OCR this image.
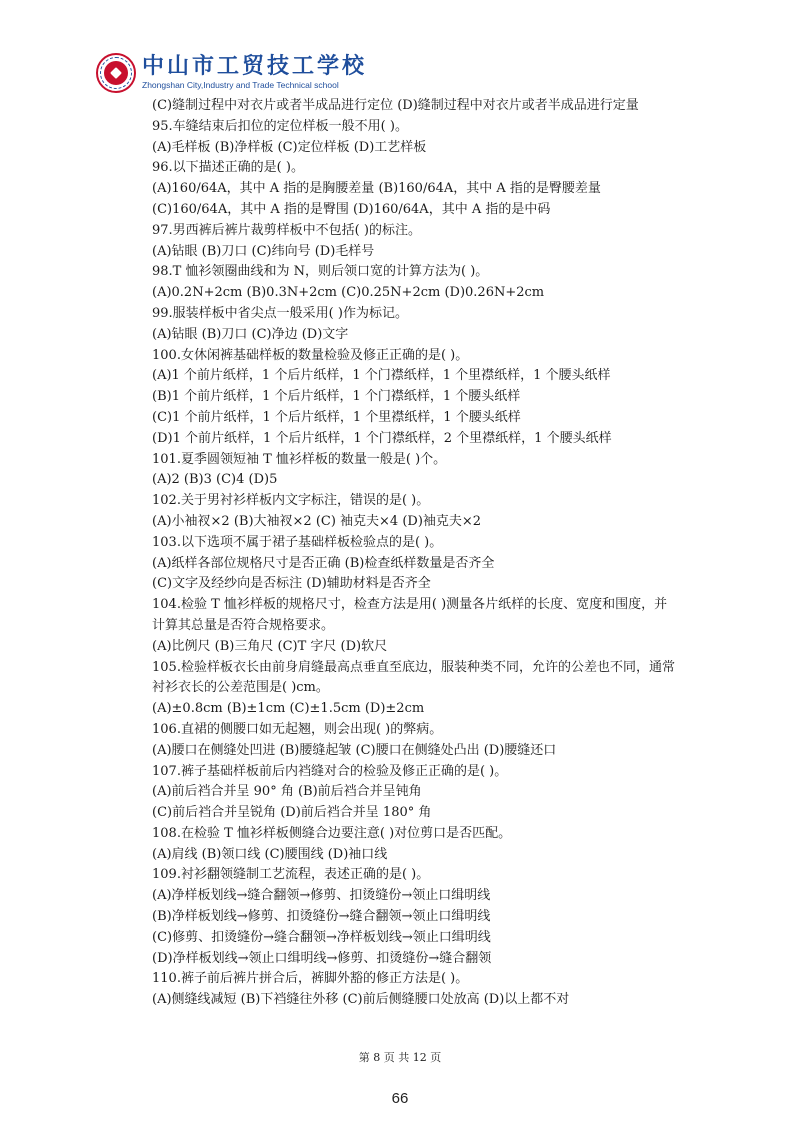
中山市工贸技工学校
Zhongshan City,Industry and Trade Technical school
(C)缝制过程中对衣片或者半成品进行定位 (D)缝制过程中对衣片或者半成品进行定量
95.车缝结束后扣位的定位样板一般不用( )。
(A)毛样板 (B)净样板 (C)定位样板 (D)工艺样板
96.以下描述正确的是( )。
(A)160/64A，其中 A 指的是胸腰差量 (B)160/64A，其中 A 指的是臀腰差量
(C)160/64A，其中 A 指的是臀围 (D)160/64A，其中 A 指的是中码
97.男西裤后裤片裁剪样板中不包括( )的标注。
(A)钻眼 (B)刀口 (C)纬向号 (D)毛样号
98.T 恤衫领圈曲线和为 N，则后领口宽的计算方法为( )。
(A)0.2N+2cm (B)0.3N+2cm (C)0.25N+2cm (D)0.26N+2cm
99.服装样板中省尖点一般采用( )作为标记。
(A)钻眼 (B)刀口 (C)净边 (D)文字
100.女休闲裤基础样板的数量检验及修正正确的是( )。
(A)1 个前片纸样，1 个后片纸样，1 个门襟纸样，1 个里襟纸样，1 个腰头纸样
(B)1 个前片纸样，1 个后片纸样，1 个门襟纸样，1 个腰头纸样
(C)1 个前片纸样，1 个后片纸样，1 个里襟纸样，1 个腰头纸样
(D)1 个前片纸样，1 个后片纸样，1 个门襟纸样，2 个里襟纸样，1 个腰头纸样
101.夏季圆领短袖 T 恤衫样板的数量一般是( )个。
(A)2 (B)3 (C)4 (D)5
102.关于男衬衫样板内文字标注，错误的是( )。
(A)小袖衩×2 (B)大袖衩×2 (C) 袖克夫×4 (D)袖克夫×2
103.以下选项不属于裙子基础样板检验点的是( )。
(A)纸样各部位规格尺寸是否正确 (B)检查纸样数量是否齐全
(C)文字及经纱向是否标注 (D)辅助材料是否齐全
104.检验 T 恤衫样板的规格尺寸，检查方法是用( )测量各片纸样的长度、宽度和围度，并
计算其总量是否符合规格要求。
(A)比例尺 (B)三角尺 (C)T 字尺 (D)软尺
105.检验样板衣长由前身肩缝最高点垂直至底边，服装种类不同，允许的公差也不同，通常
衬衫衣长的公差范围是( )cm。
(A)±0.8cm (B)±1cm (C)±1.5cm (D)±2cm
106.直裙的侧腰口如无起翘，则会出现( )的弊病。
(A)腰口在侧缝处凹进 (B)腰缝起皱 (C)腰口在侧缝处凸出 (D)腰缝还口
107.裤子基础样板前后内裆缝对合的检验及修正正确的是( )。
(A)前后裆合并呈 90° 角 (B)前后裆合并呈钝角
(C)前后裆合并呈锐角 (D)前后裆合并呈 180° 角
108.在检验 T 恤衫样板侧缝合边要注意( )对位剪口是否匹配。
(A)肩线 (B)领口线 (C)腰围线 (D)袖口线
109.衬衫翻领缝制工艺流程，表述正确的是( )。
(A)净样板划线→缝合翻领→修剪、扣烫缝份→领止口缉明线
(B)净样板划线→修剪、扣烫缝份→缝合翻领→领止口缉明线
(C)修剪、扣烫缝份→缝合翻领→净样板划线→领止口缉明线
(D)净样板划线→领止口缉明线→修剪、扣烫缝份→缝合翻领
110.裤子前后裤片拼合后，裤脚外豁的修正方法是( )。
(A)侧缝线减短 (B)下裆缝往外移 (C)前后侧缝腰口处放高 (D)以上都不对
第 8 页 共 12 页
66
